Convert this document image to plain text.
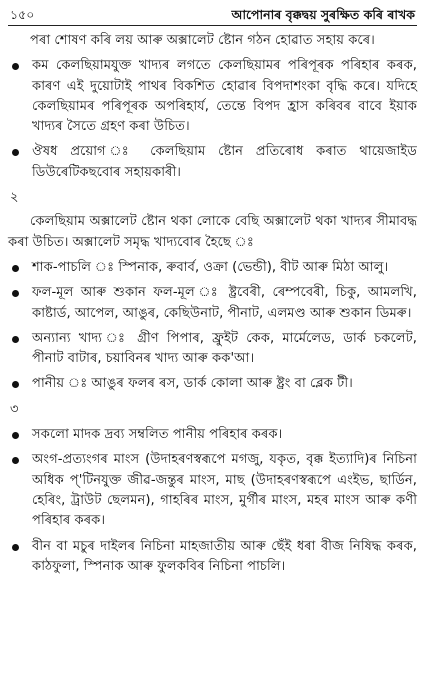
১৫০	আপোনাৰ বৃক্কদ্বয় সুৰক্ষিত কৰি ৰাখক

পৰা শোষণ কৰি লয় আৰু অক্সালেট ষ্টোন গঠন হোৱাত সহায় কৰে।

কম কেলছিয়ামযুক্ত খাদ্যৰ লগতে কেলছিয়ামৰ পৰিপূৰক পৰিহাৰ কৰক, কাৰণ এই দুয়োটাই পাথৰ বিকশিত হোৱাৰ বিপদাশংকা বৃদ্ধি কৰে। যদিহে কেলছিয়ামৰ পৰিপূৰক অপৰিহাৰ্য, তেন্তে বিপদ হ্ৰাস কৰিবৰ বাবে ইয়াক খাদ্যৰ সৈতে গ্ৰহণ কৰা উচিত।
ঔষধ প্ৰয়োগ ঃ কেলছিয়াম ষ্টোন প্ৰতিৰোধ কৰাত থায়েজাইড ডিউৰেটিকছবোৰ সহায়কাৰী।
২

কেলছিয়াম অক্সালেট ষ্টোন থকা লোকে বেছি অক্সালেট থকা খাদ্যৰ সীমাবদ্ধ কৰা উচিত। অক্সালেট সমৃদ্ধ খাদ্যবোৰ হৈছে ঃ

শাক-পাচলি ঃ স্পিনাক, ৰুবাৰ্ব, ওক্ৰা (ভেন্ডী), বীট আৰু মিঠা আলু।
ফল-মূল আৰু শুকান ফল-মূল ঃ ষ্ট্ৰবেৰী, ৰেম্পবেৰী, চিকু, আমলখি, কাষ্টাৰ্ড, আপেল, আঙুৰ, কেছিউনাট, পীনাট, এলমণ্ড আৰু শুকান ডিমৰু।
অন্যান্য খাদ্য ঃ গ্ৰীণ পিপাৰ, ফ্ৰুইট কেক, মাৰ্মেলেড, ডাৰ্ক চকলেট, পীনাট বাটাৰ, চয়াবিনৰ খাদ্য আৰু কক'আ।
পানীয় ঃ আঙুৰ ফলৰ ৰস, ডাৰ্ক কোলা আৰু ষ্ট্ৰং বা ব্লেক টী।
৩
সকলো মাদক দ্ৰব্য সম্বলিত পানীয় পৰিহাৰ কৰক।
অংগ-প্ৰত্যংগৰ মাংস (উদাহৰণস্বৰূপে মগজু, যকৃত, বৃক্ক ইত্যাদি)ৰ নিচিনা অধিক প্'টিনযুক্ত জীৱ-জন্তুৰ মাংস, মাছ (উদাহৰণস্বৰূপে এংইভ, ছাৰ্ডিন, হেৰিং, ট্ৰাউট ছেলমন), গাহৰিৰ মাংস, মুৰ্গীৰ মাংস, মহৰ মাংস আৰু কণী পৰিহাৰ কৰক।
বীন বা মচুৰ দাইলৰ নিচিনা মাহজাতীয় আৰু ছেঁই ধৰা বীজ নিষিদ্ধ কৰক, কাঠফুলা, স্পিনাক আৰু ফুলকবিৰ নিচিনা পাচলি।
